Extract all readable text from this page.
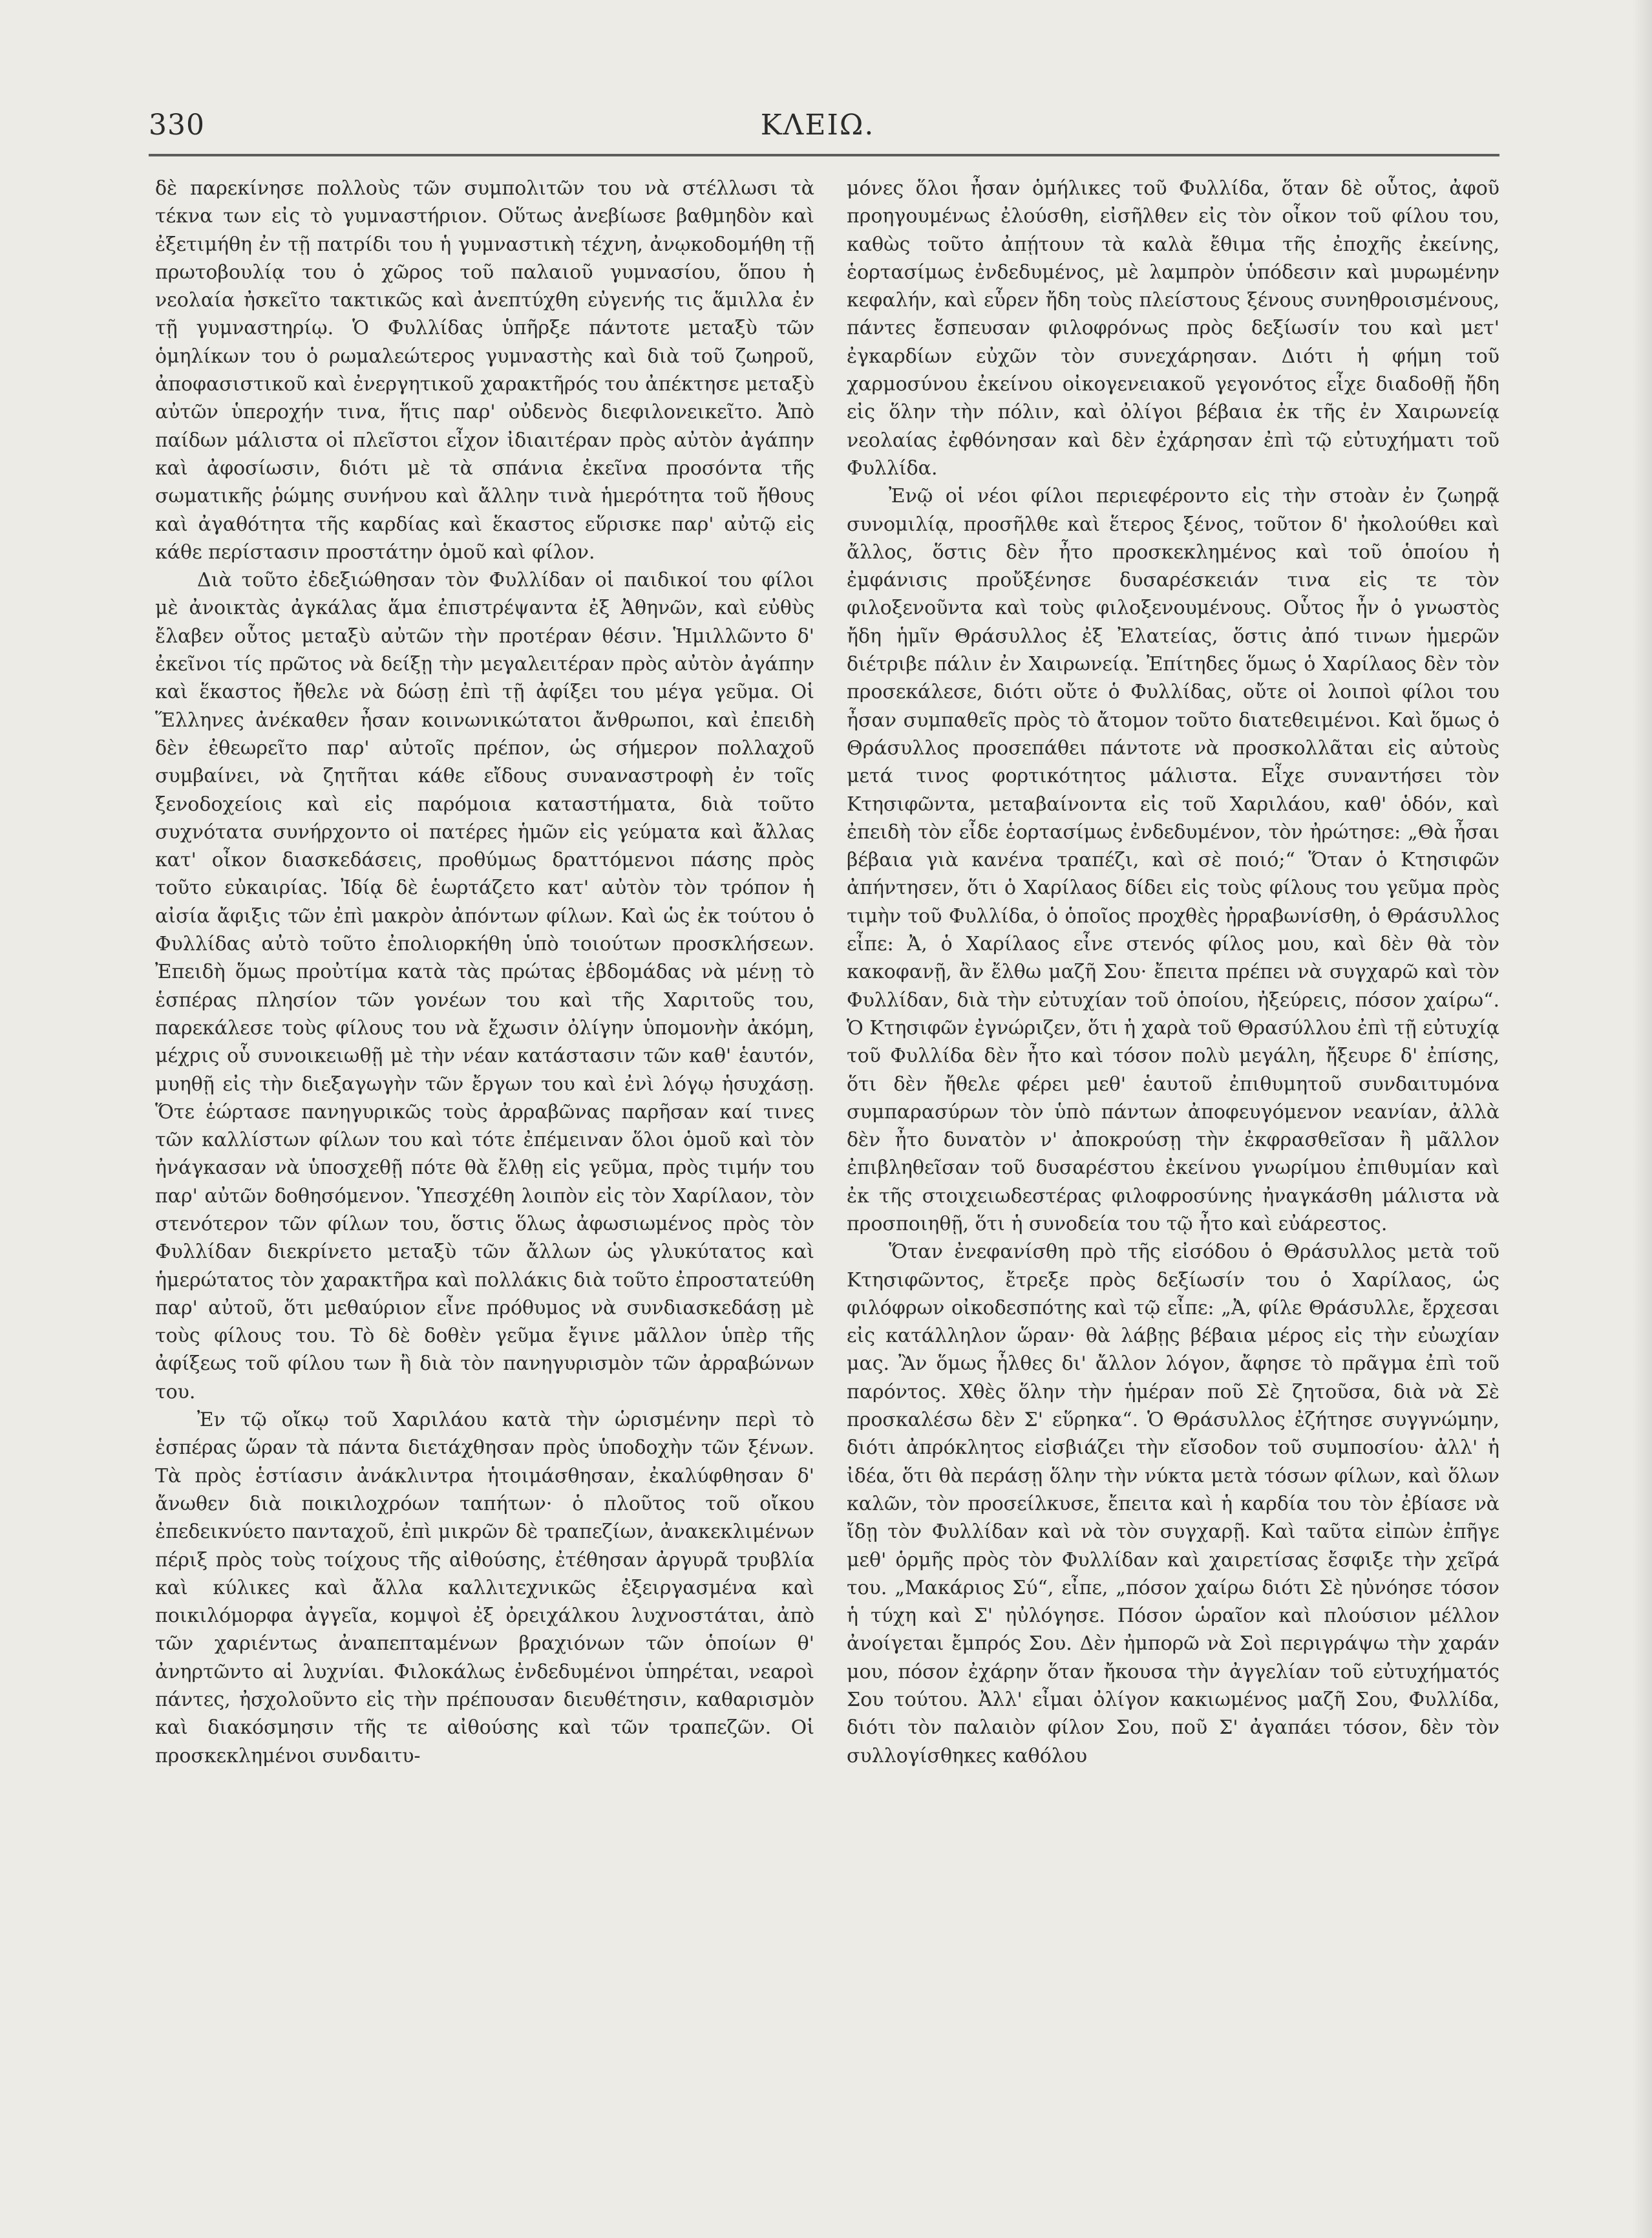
330	ΚΛΕΙΩ.

δὲ παρεκίνησε πολλοὺς τῶν συμπολιτῶν του νὰ στέλλωσι τὰ τέκνα των εἰς τὸ γυμναστήριον. Οὕτως ἀνεβίωσε βαθμηδὸν καὶ ἐξετιμήθη ἐν τῇ πατρίδι του ἡ γυμναστικὴ τέχνη, ἀνῳκοδομήθη τῇ πρωτοβουλίᾳ του ὁ χῶρος τοῦ παλαιοῦ γυμνασίου, ὅπου ἡ νεολαία ἠσκεῖτο τακτικῶς καὶ ἀνεπτύχθη εὐγενής τις ἅμιλλα ἐν τῇ γυμναστηρίῳ. Ὁ Φυλλίδας ὑπῆρξε πάντοτε μεταξὺ τῶν ὁμηλίκων του ὁ ρωμαλεώτερος γυμναστὴς καὶ διὰ τοῦ ζωηροῦ, ἀποφασιστικοῦ καὶ ἐνεργητικοῦ χαρακτῆρός του ἀπέκτησε μεταξὺ αὐτῶν ὑπεροχήν τινα, ἥτις παρ' οὐδενὸς διεφιλονεικεῖτο. Ἀπὸ παίδων μάλιστα οἱ πλεῖστοι εἶχον ἰδιαιτέραν πρὸς αὐτὸν ἀγάπην καὶ ἀφοσίωσιν, διότι μὲ τὰ σπάνια ἐκεῖνα προσόντα τῆς σωματικῆς ῥώμης συνήνου καὶ ἄλλην τινὰ ἡμερότητα τοῦ ἤθους καὶ ἀγαθότητα τῆς καρδίας καὶ ἕκαστος εὕρισκε παρ' αὐτῷ εἰς κάθε περίστασιν προστάτην ὁμοῦ καὶ φίλον.

Διὰ τοῦτο ἐδεξιώθησαν τὸν Φυλλίδαν οἱ παιδικοί του φίλοι μὲ ἀνοικτὰς ἀγκάλας ἅμα ἐπιστρέψαντα ἐξ Ἀθηνῶν, καὶ εὐθὺς ἔλαβεν οὗτος μεταξὺ αὐτῶν τὴν προτέραν θέσιν. Ἡμιλλῶντο δ' ἐκεῖνοι τίς πρῶτος νὰ δείξῃ τὴν μεγαλειτέραν πρὸς αὐτὸν ἀγάπην καὶ ἕκαστος ἤθελε νὰ δώσῃ ἐπὶ τῇ ἀφίξει του μέγα γεῦμα. Οἱ Ἕλληνες ἀνέκαθεν ἦσαν κοινωνικώτατοι ἄνθρωποι, καὶ ἐπειδὴ δὲν ἐθεωρεῖτο παρ' αὐτοῖς πρέπον, ὡς σήμερον πολλαχοῦ συμβαίνει, νὰ ζητῆται κάθε εἴδους συναναστροφὴ ἐν τοῖς ξενοδοχείοις καὶ εἰς παρόμοια καταστήματα, διὰ τοῦτο συχνότατα συνήρχοντο οἱ πατέρες ἡμῶν εἰς γεύματα καὶ ἄλλας κατ' οἶκον διασκεδάσεις, προθύμως δραττόμενοι πάσης πρὸς τοῦτο εὐκαιρίας. Ἰδίᾳ δὲ ἑωρτάζετο κατ' αὐτὸν τὸν τρόπον ἡ αἰσία ἄφιξις τῶν ἐπὶ μακρὸν ἀπόντων φίλων. Καὶ ὡς ἐκ τούτου ὁ Φυλλίδας αὐτὸ τοῦτο ἐπολιορκήθη ὑπὸ τοιούτων προσκλήσεων. Ἐπειδὴ ὅμως προὐτίμα κατὰ τὰς πρώτας ἑβδομάδας νὰ μένῃ τὸ ἑσπέρας πλησίον τῶν γονέων του καὶ τῆς Χαριτοῦς του, παρεκάλεσε τοὺς φίλους του νὰ ἔχωσιν ὀλίγην ὑπομονὴν ἀκόμη, μέχρις οὗ συνοικειωθῇ μὲ τὴν νέαν κατάστασιν τῶν καθ' ἑαυτόν, μυηθῇ εἰς τὴν διεξαγωγὴν τῶν ἔργων του καὶ ἐνὶ λόγῳ ἡσυχάσῃ. Ὅτε ἑώρτασε πανηγυρικῶς τοὺς ἀρραβῶνας παρῆσαν καί τινες τῶν καλλίστων φίλων του καὶ τότε ἐπέμειναν ὅλοι ὁμοῦ καὶ τὸν ἠνάγκασαν νὰ ὑποσχεθῇ πότε θὰ ἔλθῃ εἰς γεῦμα, πρὸς τιμήν του παρ' αὐτῶν δοθησόμενον. Ὑπεσχέθη λοιπὸν εἰς τὸν Χαρίλαον, τὸν στενότερον τῶν φίλων του, ὅστις ὅλως ἀφωσιωμένος πρὸς τὸν Φυλλίδαν διεκρίνετο μεταξὺ τῶν ἄλλων ὡς γλυκύτατος καὶ ἡμερώτατος τὸν χαρακτῆρα καὶ πολλάκις διὰ τοῦτο ἐπροστατεύθη παρ' αὐτοῦ, ὅτι μεθαύριον εἶνε πρόθυμος νὰ συνδιασκεδάσῃ μὲ τοὺς φίλους του. Τὸ δὲ δοθὲν γεῦμα ἔγινε μᾶλλον ὑπὲρ τῆς ἀφίξεως τοῦ φίλου των ἢ διὰ τὸν πανηγυρισμὸν τῶν ἀρραβώνων του.

Ἐν τῷ οἴκῳ τοῦ Χαριλάου κατὰ τὴν ὡρισμένην περὶ τὸ ἑσπέρας ὥραν τὰ πάντα διετάχθησαν πρὸς ὑποδοχὴν τῶν ξένων. Τὰ πρὸς ἑστίασιν ἀνάκλιντρα ἡτοιμάσθησαν, ἐκαλύφθησαν δ' ἄνωθεν διὰ ποικιλοχρόων ταπήτων· ὁ πλοῦτος τοῦ οἴκου ἐπεδεικνύετο πανταχοῦ, ἐπὶ μικρῶν δὲ τραπεζίων, ἀνακεκλιμένων πέριξ πρὸς τοὺς τοίχους τῆς αἰθούσης, ἐτέθησαν ἀργυρᾶ τρυβλία καὶ κύλικες καὶ ἄλλα καλλιτεχνικῶς ἐξειργασμένα καὶ ποικιλόμορφα ἀγγεῖα, κομψοὶ ἐξ ὀρειχάλκου λυχνοστάται, ἀπὸ τῶν χαριέντως ἀναπεπταμένων βραχιόνων τῶν ὁποίων θ' ἀνηρτῶντο αἱ λυχνίαι. Φιλοκάλως ἐνδεδυμένοι ὑπηρέται, νεαροὶ πάντες, ἠσχολοῦντο εἰς τὴν πρέπουσαν διευθέτησιν, καθαρισμὸν καὶ διακόσμησιν τῆς τε αἰθούσης καὶ τῶν τραπεζῶν. Οἱ προσκεκλημένοι συνδαιτυ-

μόνες ὅλοι ἦσαν ὁμήλικες τοῦ Φυλλίδα, ὅταν δὲ οὗτος, ἀφοῦ προηγουμένως ἐλούσθη, εἰσῆλθεν εἰς τὸν οἶκον τοῦ φίλου του, καθὼς τοῦτο ἀπῄτουν τὰ καλὰ ἔθιμα τῆς ἐποχῆς ἐκείνης, ἑορτασίμως ἐνδεδυμένος, μὲ λαμπρὸν ὑπόδεσιν καὶ μυρωμένην κεφαλήν, καὶ εὗρεν ἤδη τοὺς πλείστους ξένους συνηθροισμένους, πάντες ἔσπευσαν φιλοφρόνως πρὸς δεξίωσίν του καὶ μετ' ἐγκαρδίων εὐχῶν τὸν συνεχάρησαν. Διότι ἡ φήμη τοῦ χαρμοσύνου ἐκείνου οἰκογενειακοῦ γεγονότος εἶχε διαδοθῇ ἤδη εἰς ὅλην τὴν πόλιν, καὶ ὀλίγοι βέβαια ἐκ τῆς ἐν Χαιρωνείᾳ νεολαίας ἐφθόνησαν καὶ δὲν ἐχάρησαν ἐπὶ τῷ εὐτυχήματι τοῦ Φυλλίδα.

Ἐνῷ οἱ νέοι φίλοι περιεφέροντο εἰς τὴν στοὰν ἐν ζωηρᾷ συνομιλίᾳ, προσῆλθε καὶ ἕτερος ξένος, τοῦτον δ' ἠκολούθει καὶ ἄλλος, ὅστις δὲν ἦτο προσκεκλημένος καὶ τοῦ ὁποίου ἡ ἐμφάνισις προὔξένησε δυσαρέσκειάν τινα εἰς τε τὸν φιλοξενοῦντα καὶ τοὺς φιλοξενουμένους. Οὗτος ἦν ὁ γνωστὸς ἤδη ἡμῖν Θράσυλλος ἐξ Ἐλατείας, ὅστις ἀπό τινων ἡμερῶν διέτριβε πάλιν ἐν Χαιρωνείᾳ. Ἐπίτηδες ὅμως ὁ Χαρίλαος δὲν τὸν προσεκάλεσε, διότι οὔτε ὁ Φυλλίδας, οὔτε οἱ λοιποὶ φίλοι του ἦσαν συμπαθεῖς πρὸς τὸ ἄτομον τοῦτο διατεθειμένοι. Καὶ ὅμως ὁ Θράσυλλος προσεπάθει πάντοτε νὰ προσκολλᾶται εἰς αὐτοὺς μετά τινος φορτικότητος μάλιστα. Εἶχε συναντήσει τὸν Κτησιφῶντα, μεταβαίνοντα εἰς τοῦ Χαριλάου, καθ' ὁδόν, καὶ ἐπειδὴ τὸν εἶδε ἑορτασίμως ἐνδεδυμένον, τὸν ἠρώτησε: „Θὰ ἦσαι βέβαια γιὰ κανένα τραπέζι, καὶ σὲ ποιό;“ Ὅταν ὁ Κτησιφῶν ἀπήντησεν, ὅτι ὁ Χαρίλαος δίδει εἰς τοὺς φίλους του γεῦμα πρὸς τιμὴν τοῦ Φυλλίδα, ὁ ὁποῖος προχθὲς ἠρραβωνίσθη, ὁ Θράσυλλος εἶπε: Ἀ, ὁ Χαρίλαος εἶνε στενός φίλος μου, καὶ δὲν θὰ τὸν κακοφανῇ, ἂν ἔλθω μαζῆ Σου· ἔπειτα πρέπει νὰ συγχαρῶ καὶ τὸν Φυλλίδαν, διὰ τὴν εὐτυχίαν τοῦ ὁποίου, ἠξεύρεις, πόσον χαίρω“. Ὁ Κτησιφῶν ἐγνώριζεν, ὅτι ἡ χαρὰ τοῦ Θρασύλλου ἐπὶ τῇ εὐτυχίᾳ τοῦ Φυλλίδα δὲν ἦτο καὶ τόσον πολὺ μεγάλη, ἤξευρε δ' ἐπίσης, ὅτι δὲν ἤθελε φέρει μεθ' ἑαυτοῦ ἐπιθυμητοῦ συνδαιτυμόνα συμπαρασύρων τὸν ὑπὸ πάντων ἀποφευγόμενον νεανίαν, ἀλλὰ δὲν ἦτο δυνατὸν ν' ἀποκρούσῃ τὴν ἐκφρασθεῖσαν ἢ μᾶλλον ἐπιβληθεῖσαν τοῦ δυσαρέστου ἐκείνου γνωρίμου ἐπιθυμίαν καὶ ἐκ τῆς στοιχειωδεστέρας φιλοφροσύνης ἠναγκάσθη μάλιστα νὰ προσποιηθῇ, ὅτι ἡ συνοδεία του τῷ ἦτο καὶ εὐάρεστος.

Ὅταν ἐνεφανίσθη πρὸ τῆς εἰσόδου ὁ Θράσυλλος μετὰ τοῦ Κτησιφῶντος, ἔτρεξε πρὸς δεξίωσίν του ὁ Χαρίλαος, ὡς φιλόφρων οἰκοδεσπότης καὶ τῷ εἶπε: „Ἀ, φίλε Θράσυλλε, ἔρχεσαι εἰς κατάλληλον ὥραν· θὰ λάβῃς βέβαια μέρος εἰς τὴν εὐωχίαν μας. Ἂν ὅμως ἦλθες δι' ἄλλον λόγον, ἄφησε τὸ πρᾶγμα ἐπὶ τοῦ παρόντος. Χθὲς ὅλην τὴν ἡμέραν ποῦ Σὲ ζητοῦσα, διὰ νὰ Σὲ προσκαλέσω δὲν Σ' εὕρηκα“. Ὁ Θράσυλλος ἐζήτησε συγγνώμην, διότι ἀπρόκλητος εἰσβιάζει τὴν εἴσοδον τοῦ συμποσίου· ἀλλ' ἡ ἰδέα, ὅτι θὰ περάσῃ ὅλην τὴν νύκτα μετὰ τόσων φίλων, καὶ ὅλων καλῶν, τὸν προσείλκυσε, ἔπειτα καὶ ἡ καρδία του τὸν ἐβίασε νὰ ἴδῃ τὸν Φυλλίδαν καὶ νὰ τὸν συγχαρῇ. Καὶ ταῦτα εἰπὼν ἐπῆγε μεθ' ὁρμῆς πρὸς τὸν Φυλλίδαν καὶ χαιρετίσας ἔσφιξε τὴν χεῖρά του. „Μακάριος Σύ“, εἶπε, „πόσον χαίρω διότι Σὲ ηὐνόησε τόσον ἡ τύχη καὶ Σ' ηὐλόγησε. Πόσον ὡραῖον καὶ πλούσιον μέλλον ἀνοίγεται ἔμπρός Σου. Δὲν ἠμπορῶ νὰ Σοὶ περιγράψω τὴν χαράν μου, πόσον ἐχάρην ὅταν ἤκουσα τὴν ἀγγελίαν τοῦ εὐτυχήματός Σου τούτου. Ἀλλ' εἶμαι ὀλίγον κακιωμένος μαζῆ Σου, Φυλλίδα, διότι τὸν παλαιὸν φίλον Σου, ποῦ Σ' ἀγαπάει τόσον, δὲν τὸν συλλογίσθηκες καθόλου
